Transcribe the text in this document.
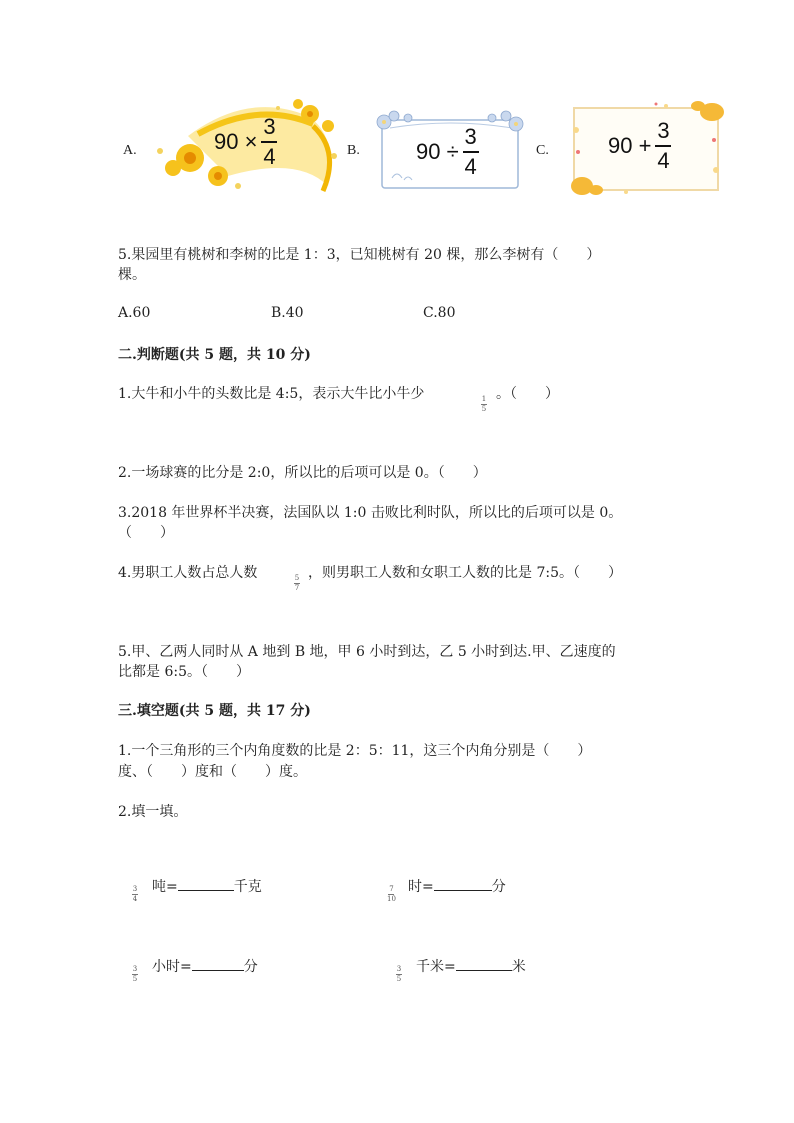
A.	$90 \times \frac{3}{4}$	B.	$90 \div \frac{3}{4}$	C.	$90 + \frac{3}{4}$
5.果园里有桃树和李树的比是 1：3，已知桃树有 20 棵，那么李树有（　　）
棵。
A.60	B.40	C.80
二.判断题(共 5 题，共 10 分)
1.大牛和小牛的头数比是 4:5，表示大牛比小牛少	1
5
。（　　）
2.一场球赛的比分是 2:0，所以比的后项可以是 0。（　　）
3.2018 年世界杯半决赛，法国队以 1:0 击败比利时队，所以比的后项可以是 0。
（　　）
4.男职工人数占总人数	5
7
，则男职工人数和女职工人数的比是 7:5。（　　）
5.甲、乙两人同时从 A 地到 B 地，甲 6 小时到达，乙 5 小时到达.甲、乙速度的
比都是 6:5。（　　）
三.填空题(共 5 题，共 17 分)
1.一个三角形的三个内角度数的比是 2：5：11，这三个内角分别是（　　）
度、（　　）度和（　　）度。
2.填一填。
3
4
吨=	千克	7
10
时=	分
3
5
小时=	分	3
5
千米=	米
